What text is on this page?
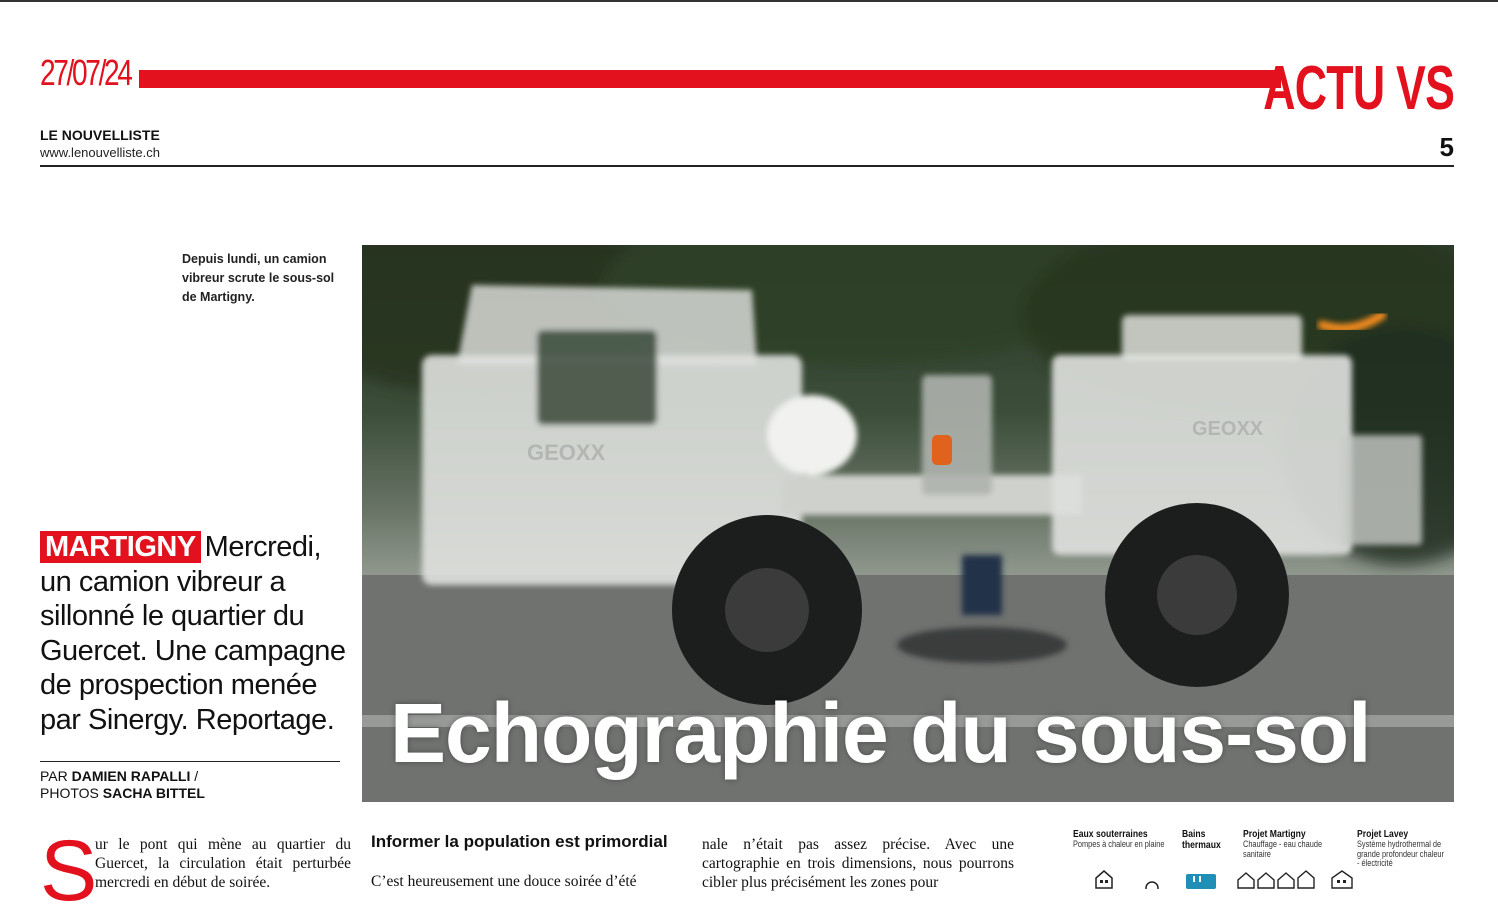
27/07/24	ACTU VS
LE NOUVELLISTE
www.lenouvelliste.ch	5
Depuis lundi, un camion vibreur scrute le sous-sol de Martigny.
GEOXX
GEOXX
Echographie du sous-sol
MARTIGNY Mercredi, un camion vibreur a sillonné le quartier du Guercet. Une campagne de prospection menée par Sinergy. Reportage.
PAR DAMIEN RAPALLI /
PHOTOS SACHA BITTEL
S
ur le pont qui mène au quartier du Guercet, la circulation était perturbée mercredi en début de soirée.
Informer la population est primordial
C’est heureusement une douce soirée d’été
nale n’était pas assez précise. Avec une cartographie en trois dimensions, nous pourrons cibler plus précisément les zones pour
Eaux souterraines
Pompes à chaleur en plaine
Bains thermaux
Projet Martigny
Chauffage - eau chaude sanitaire
Projet Lavey
Système hydrothermal de grande profondeur chaleur - électricité
